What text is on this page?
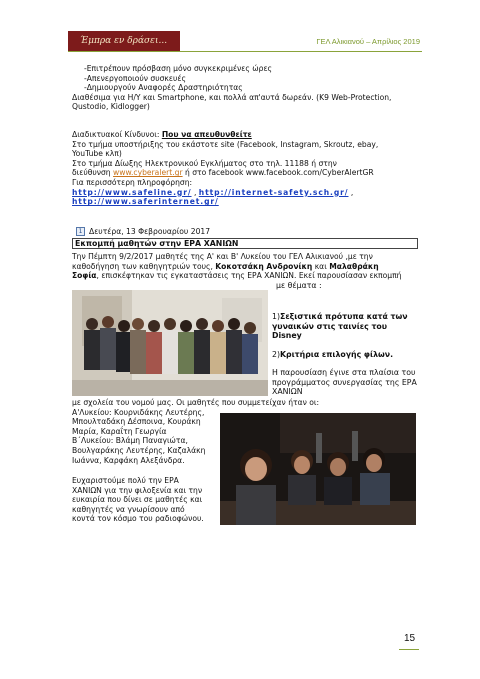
Έμπρα εν δράσει...	ΓΕΛ Αλικιανού – Απρίλιος 2019
-Επιτρέπουν πρόσβαση μόνο συγκεκριμένες ώρες
-Απενεργοποιούν συσκευές
-Δημιουργούν Αναφορές Δραστηριότητας
Διαθέσιμα για Η/Υ και Smartphone, και πολλά απ'αυτά δωρεάν. (K9 Web-Protection,
Qustodio, Kidlogger)
Διαδικτυακοί Κίνδυνοι: Που να απευθυνθείτε
Στο τμήμα υποστήριξης του εκάστοτε site (Facebook, Instagram, Skroutz, ebay,
YouTube κλπ)
Στο τμήμα Δίωξης Ηλεκτρονικού Εγκλήματος στο τηλ. 11188 ή στην
διεύθυνση www.cyberalert.gr ή στο facebook www.facebook.com/CyberAlertGR
Για περισσότερη πληροφόρηση:
http://www.safeline.gr/ , http://internet-safety.sch.gr/ ,
http://www.saferinternet.gr/
1 Δευτέρα, 13 Φεβρουαρίου 2017
Εκπομπή μαθητών στην ΕΡΑ ΧΑΝΙΩΝ
Την Πέμπτη 9/2/2017 μαθητές της Α' και Β' Λυκείου του ΓΕΛ Αλικιανού ,με την
καθοδήγηση των καθηγητριών τους, Κοκοτσάκη Ανδρονίκη και Μαλαθράκη
Σοφία, επισκέφτηκαν τις εγκαταστάσεις της ΕΡΑ ΧΑΝΙΩΝ. Εκεί παρουσίασαν εκπομπή
με θέματα :
1)Σεξιστικά πρότυπα κατά των
γυναικών στις ταινίες του
Disney
2)Κριτήρια επιλογής φίλων.
Η παρουσίαση έγινε στα πλαίσια του
προγράμματος συνεργασίας της ΕΡΑ
ΧΑΝΙΩΝ
με σχολεία του νομού μας. Οι μαθητές που συμμετείχαν ήταν οι:
Α'Λυκείου: Κουρνιδάκης Λευτέρης,
Μπουλταδάκη Δέσποινα, Κουράκη
Μαρία, Καραΐτη Γεωργία
Β΄Λυκείου: Βλάμη Παναγιώτα,
Βουλγαράκης Λευτέρης, Καζαλάκη
Ιωάννα, Καρφάκη Αλεξάνδρα.
Ευχαριστούμε πολύ την ΕΡΑ
ΧΑΝΙΩΝ για την φιλοξενία και την
ευκαιρία που δίνει σε μαθητές και
καθηγητές να γνωρίσουν από
κοντά τον κόσμο του ραδιοφώνου.
15
